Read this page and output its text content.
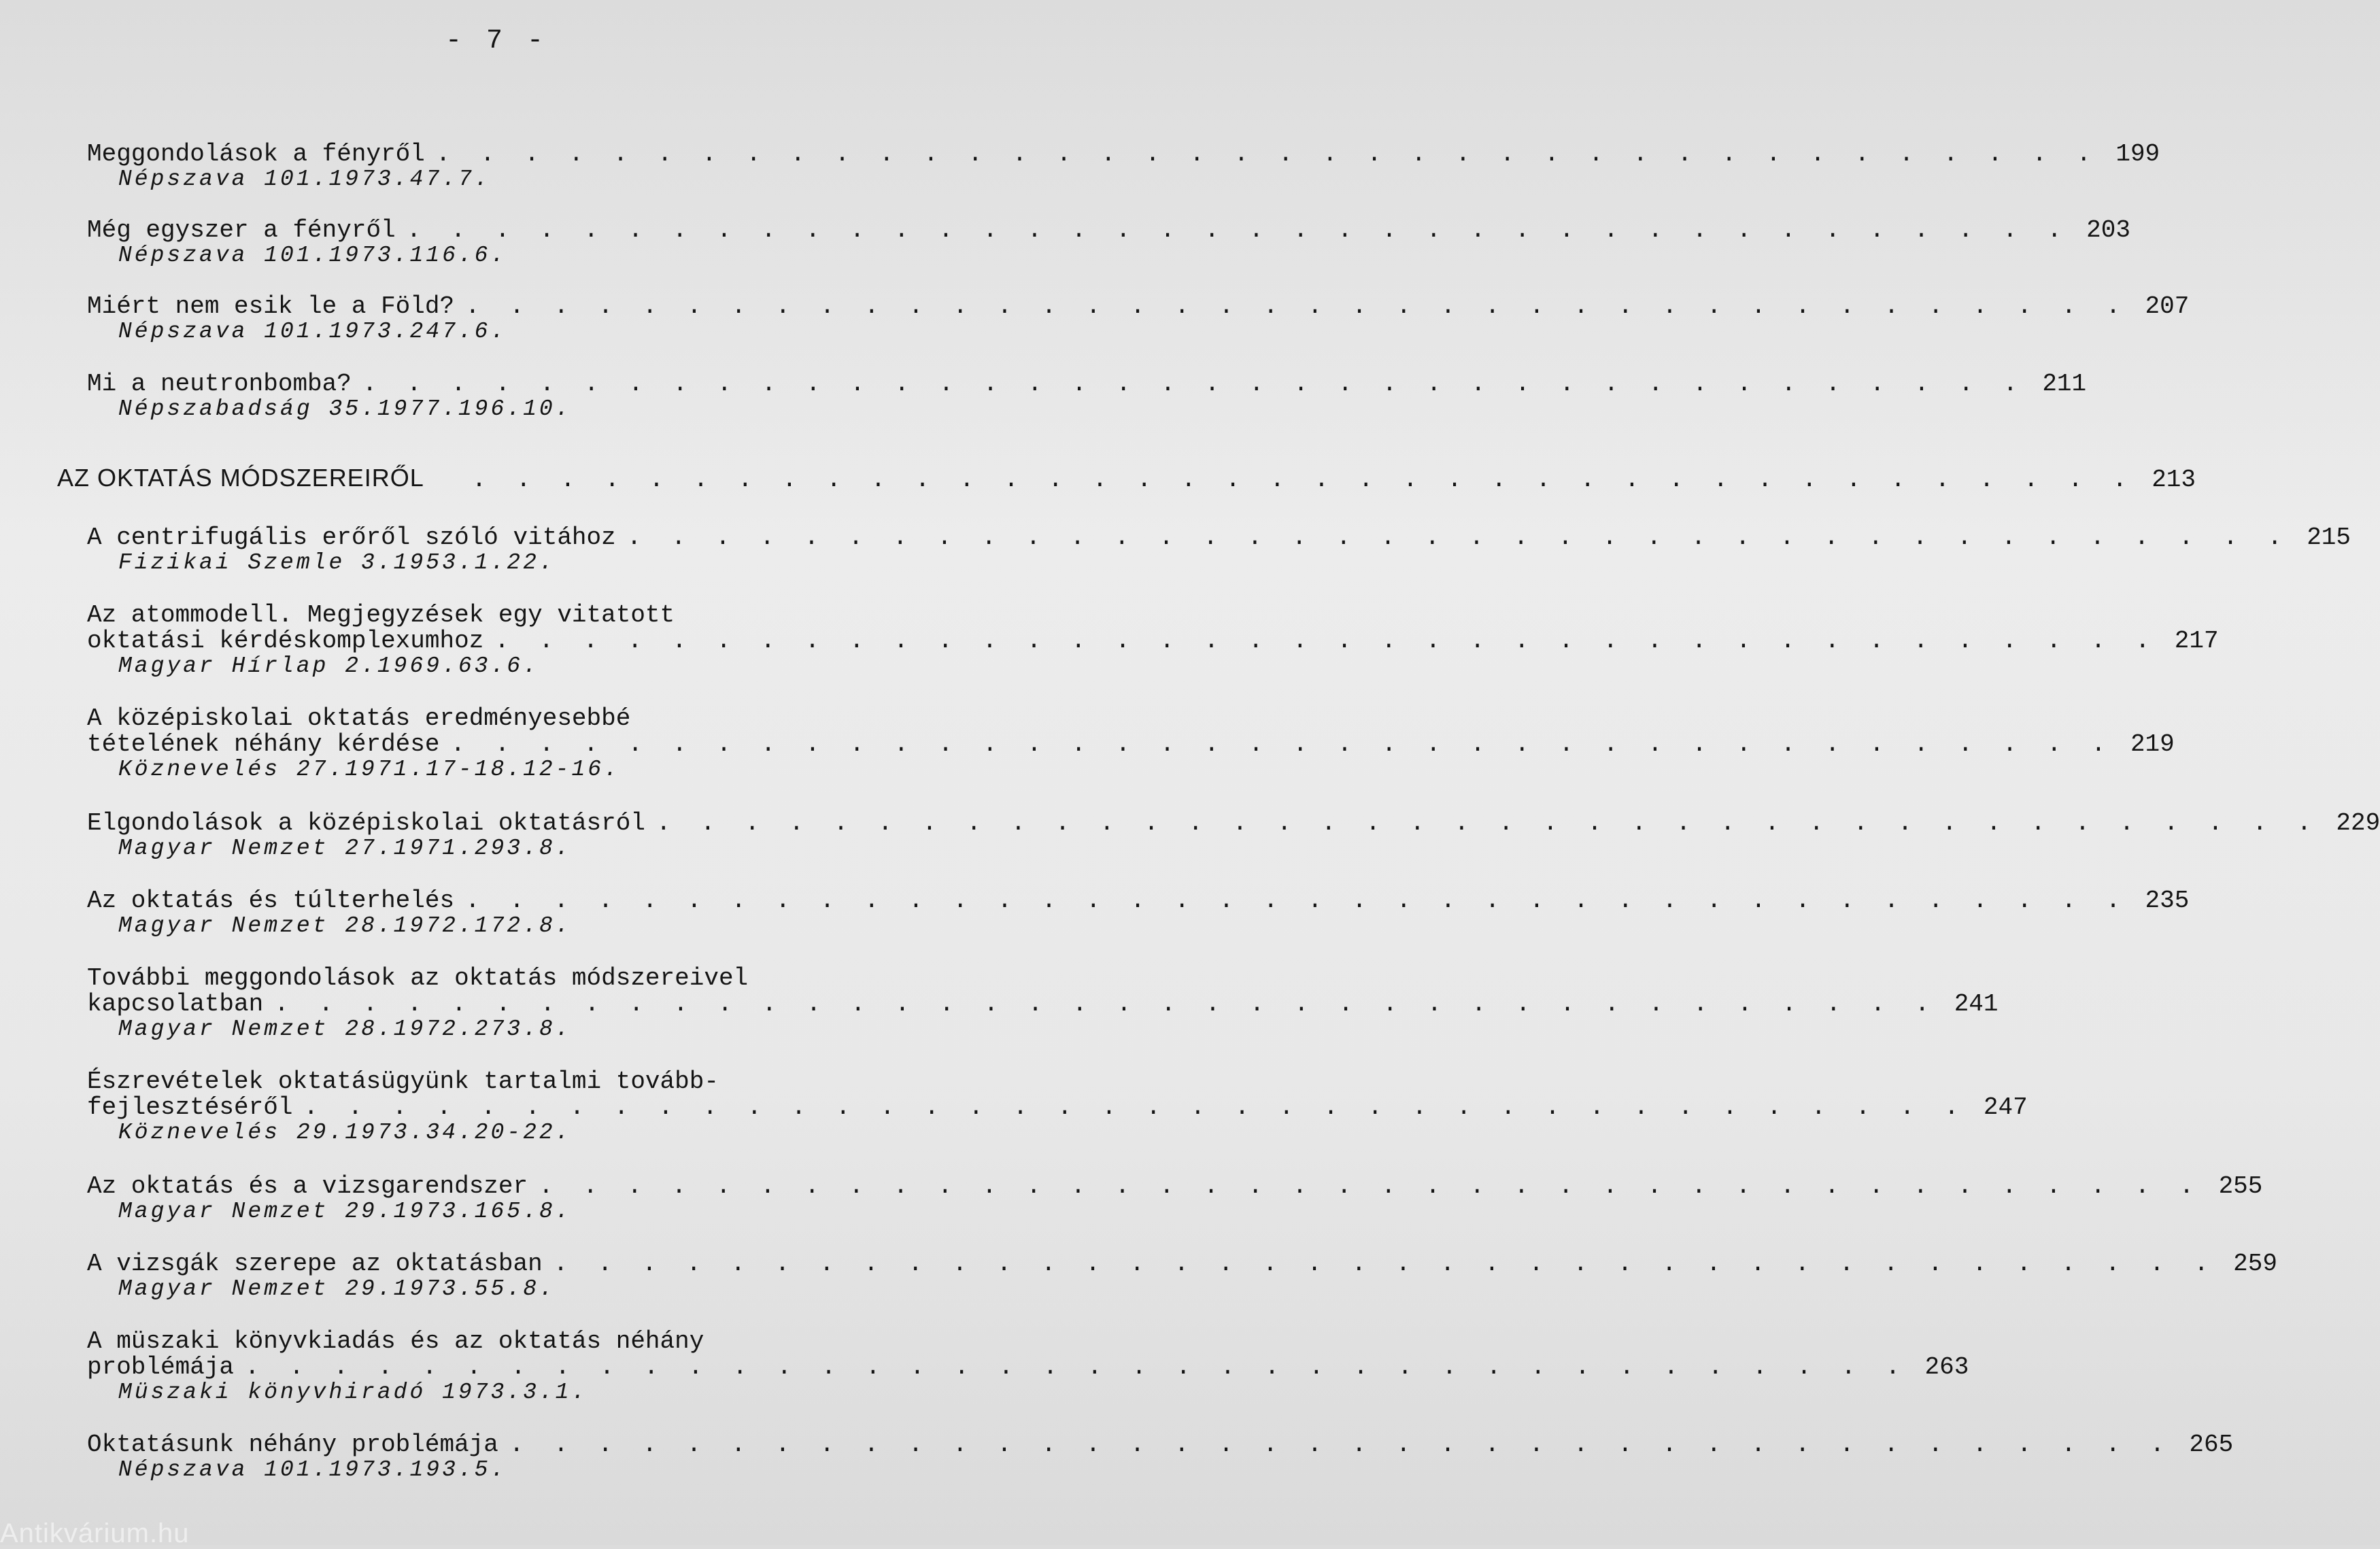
- 7 -
Meggondolások a fényről . . . . . . . . . . . . . . . . . . . . . . . . . . . . . . . . . . . . . . 199
Népszava 101.1973.47.7.
Még egyszer a fényről . . . . . . . . . . . . . . . . . . . . . . . . . . . . . . . . . . . . . . 203
Népszava 101.1973.116.6.
Miért nem esik le a Föld? . . . . . . . . . . . . . . . . . . . . . . . . . . . . . . . . . . . . . . 207
Népszava 101.1973.247.6.
Mi a neutronbomba? . . . . . . . . . . . . . . . . . . . . . . . . . . . . . . . . . . . . . . 211
Népszabadság 35.1977.196.10.
AZ OKTATÁS MÓDSZEREIRŐL . . . . . . . . . . . . . . . . . . . . . . . . . . . . . . . . . . . . . . 213
A centrifugális erőről szóló vitához . . . . . . . . . . . . . . . . . . . . . . . . . . . . . . . . . . . . . . 215
Fizikai Szemle 3.1953.1.22.
Az atommodell. Megjegyzések egy vitatott
oktatási kérdéskomplexumhoz . . . . . . . . . . . . . . . . . . . . . . . . . . . . . . . . . . . . . . 217
Magyar Hírlap 2.1969.63.6.
A középiskolai oktatás eredményesebbé
tételének néhány kérdése . . . . . . . . . . . . . . . . . . . . . . . . . . . . . . . . . . . . . . 219
Köznevelés 27.1971.17-18.12-16.
Elgondolások a középiskolai oktatásról . . . . . . . . . . . . . . . . . . . . . . . . . . . . . . . . . . . . . . 229
Magyar Nemzet 27.1971.293.8.
Az oktatás és túlterhelés . . . . . . . . . . . . . . . . . . . . . . . . . . . . . . . . . . . . . . 235
Magyar Nemzet 28.1972.172.8.
További meggondolások az oktatás módszereivel
kapcsolatban . . . . . . . . . . . . . . . . . . . . . . . . . . . . . . . . . . . . . . 241
Magyar Nemzet 28.1972.273.8.
Észrevételek oktatásügyünk tartalmi tovább-
fejlesztéséről . . . . . . . . . . . . . . . . . . . . . . . . . . . . . . . . . . . . . . 247
Köznevelés 29.1973.34.20-22.
Az oktatás és a vizsgarendszer . . . . . . . . . . . . . . . . . . . . . . . . . . . . . . . . . . . . . . 255
Magyar Nemzet 29.1973.165.8.
A vizsgák szerepe az oktatásban . . . . . . . . . . . . . . . . . . . . . . . . . . . . . . . . . . . . . . 259
Magyar Nemzet 29.1973.55.8.
A müszaki könyvkiadás és az oktatás néhány
problémája . . . . . . . . . . . . . . . . . . . . . . . . . . . . . . . . . . . . . . 263
Müszaki könyvhiradó 1973.3.1.
Oktatásunk néhány problémája . . . . . . . . . . . . . . . . . . . . . . . . . . . . . . . . . . . . . . 265
Népszava 101.1973.193.5.
Antikvárium.hu
